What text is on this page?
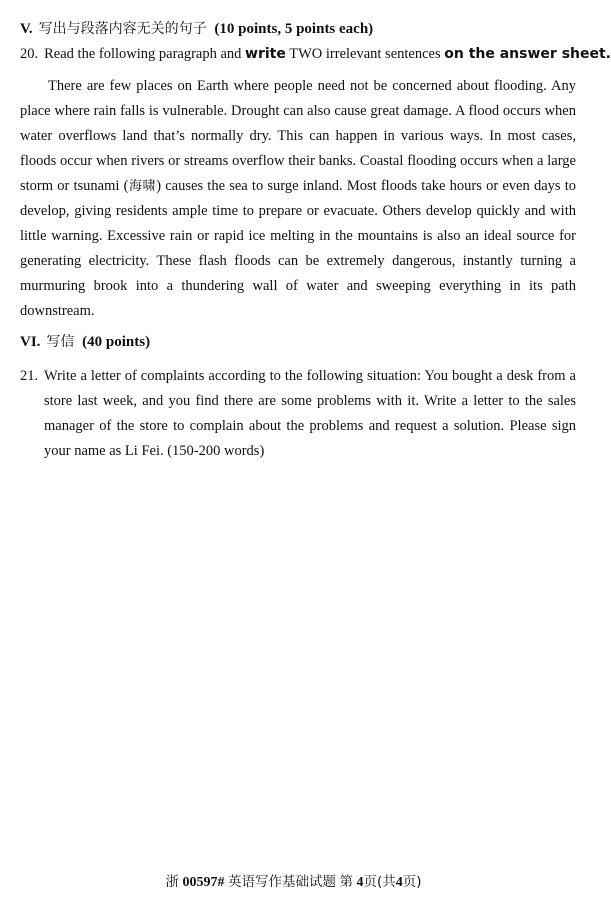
V. 写出与段落内容无关的句子 (10 points, 5 points each)
20. Read the following paragraph and write TWO irrelevant sentences on the answer sheet.
There are few places on Earth where people need not be concerned about flooding. Any place where rain falls is vulnerable. Drought can also cause great damage. A flood occurs when water overflows land that’s normally dry. This can happen in various ways. In most cases, floods occur when rivers or streams overflow their banks. Coastal flooding occurs when a large storm or tsunami (海啸) causes the sea to surge inland. Most floods take hours or even days to develop, giving residents ample time to prepare or evacuate. Others develop quickly and with little warning. Excessive rain or rapid ice melting in the mountains is also an ideal source for generating electricity. These flash floods can be extremely dangerous, instantly turning a murmuring brook into a thundering wall of water and sweeping everything in its path downstream.
VI. 写信 (40 points)
21. Write a letter of complaints according to the following situation: You bought a desk from a store last week, and you find there are some problems with it. Write a letter to the sales manager of the store to complain about the problems and request a solution. Please sign your name as Li Fei. (150-200 words)
浙 00597# 英语写作基础试题 第 4页(共4页)
